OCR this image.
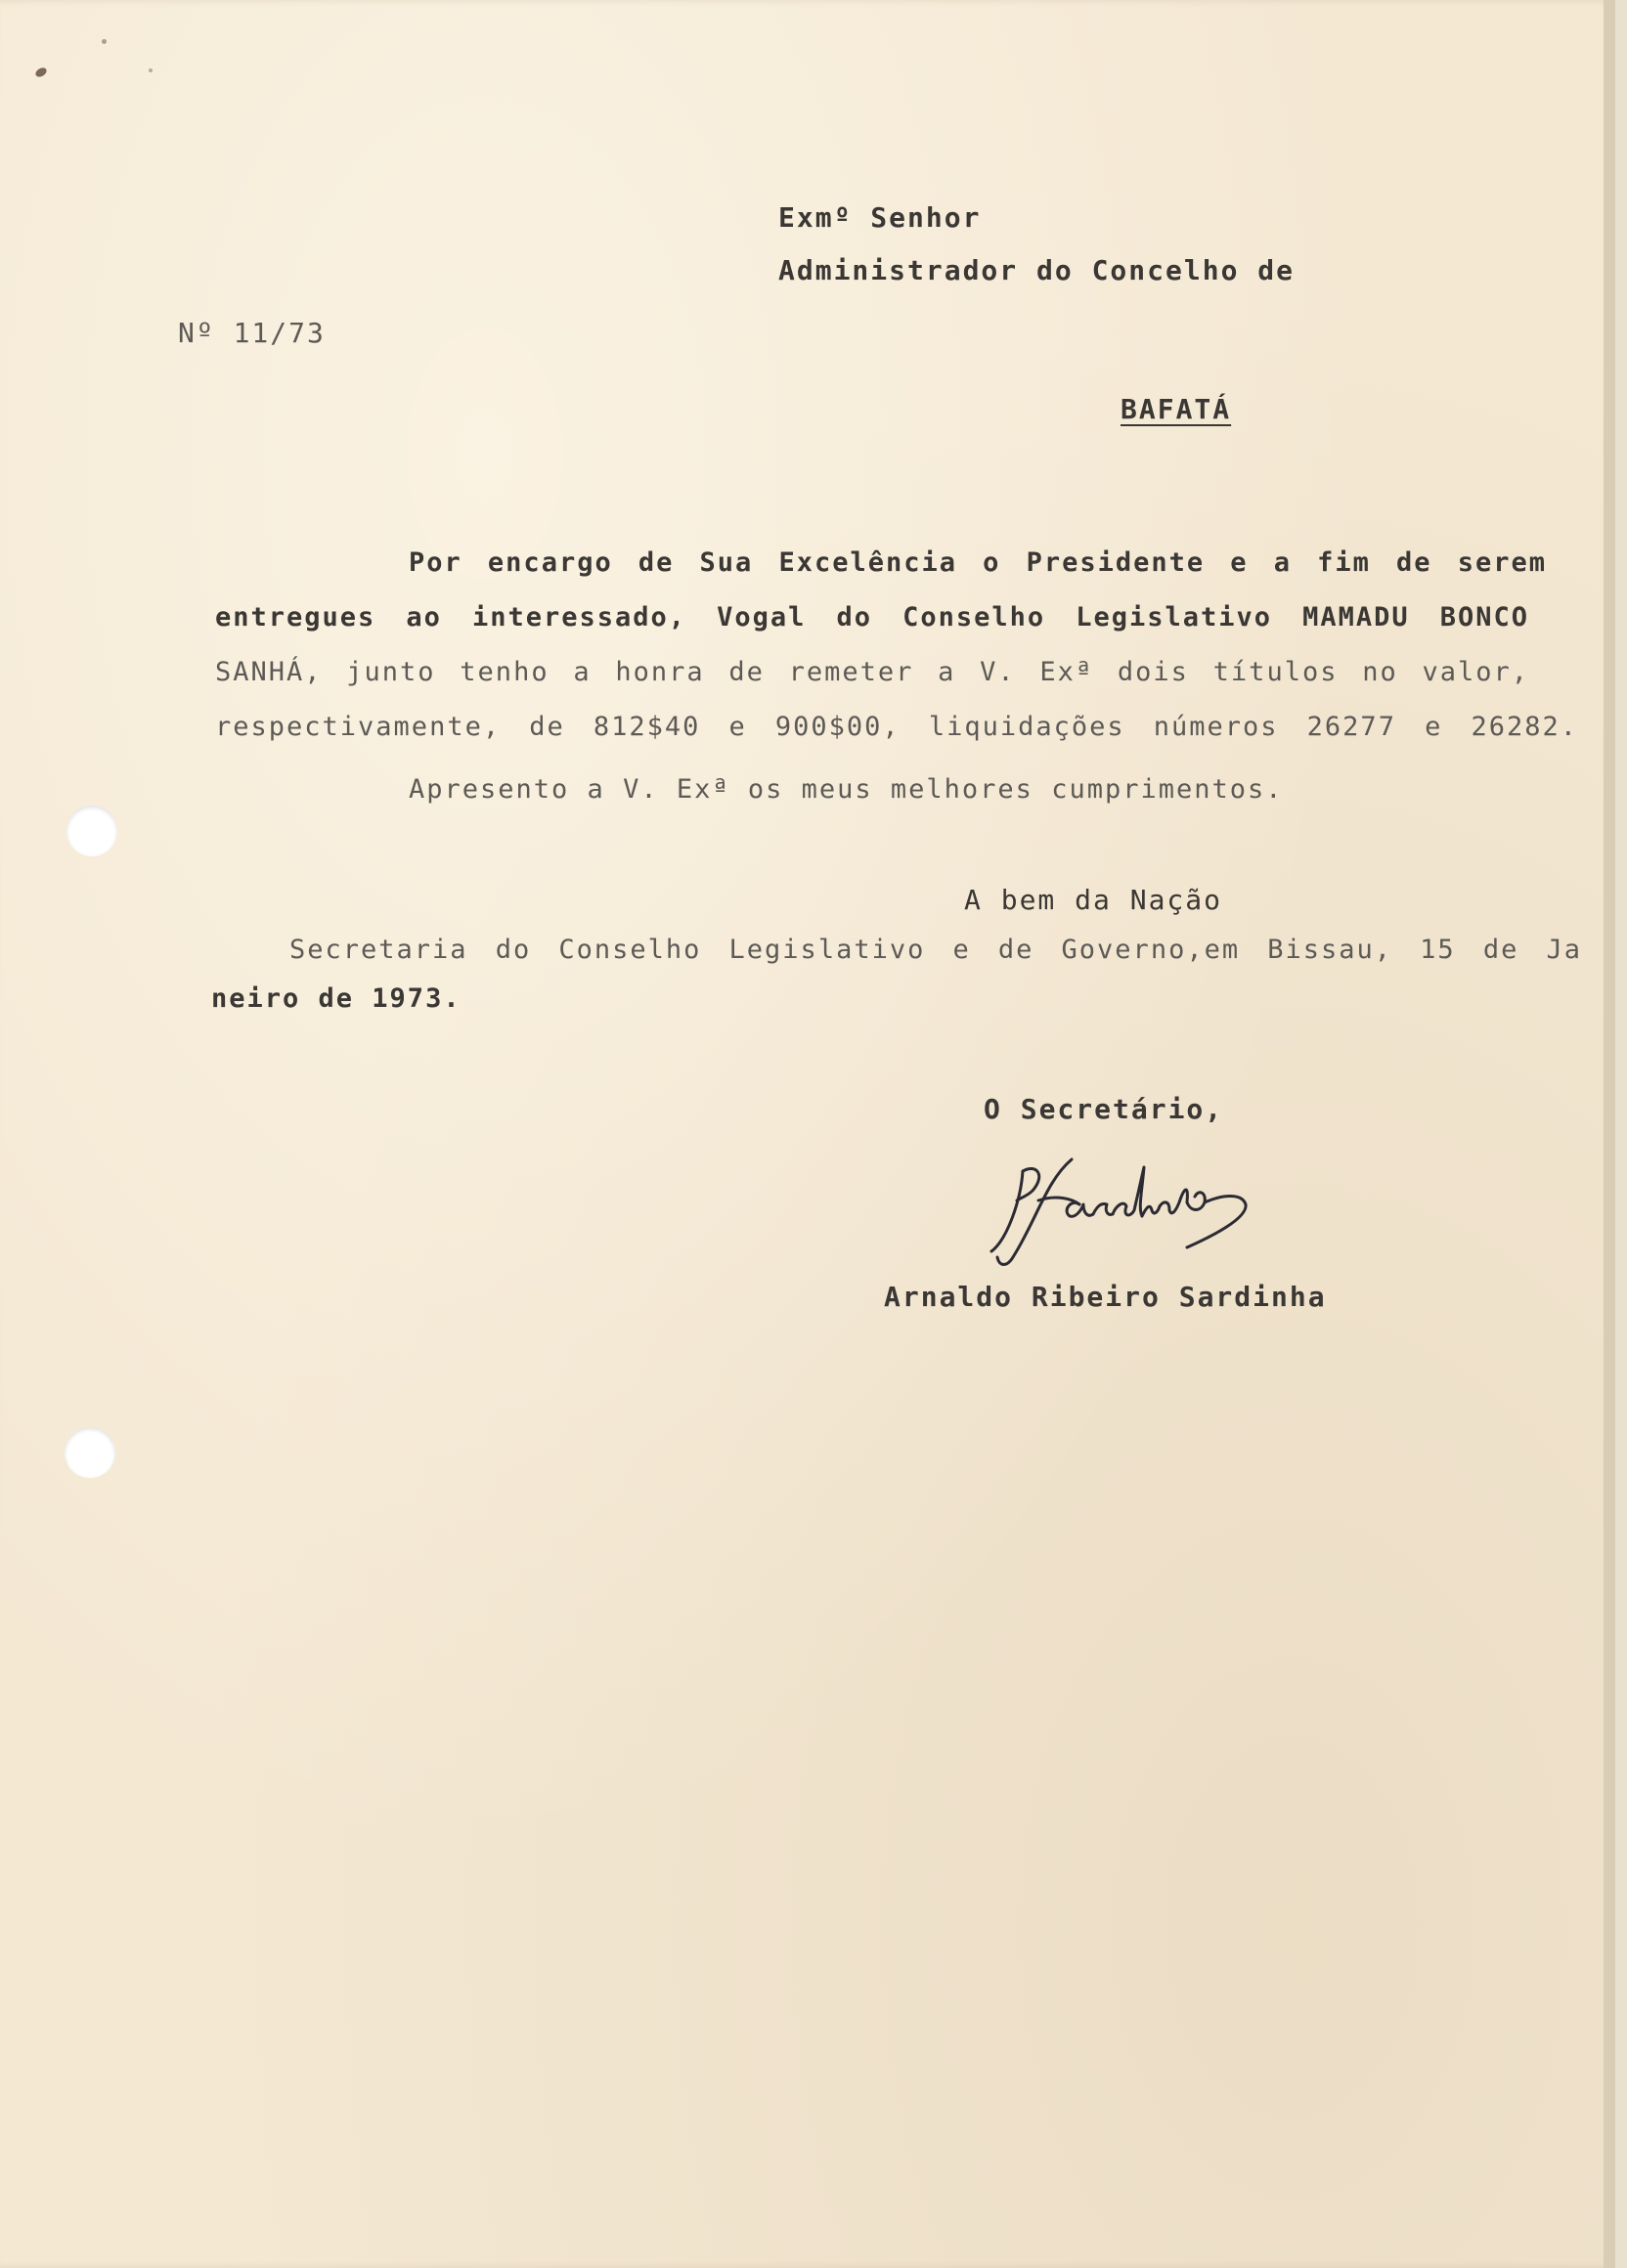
Exmº Senhor
Administrador do Concelho de
Nº 11/73
BAFATÁ
Por encargo de Sua Excelência o Presidente e a fim de serem
entregues ao interessado, Vogal do Conselho Legislativo MAMADU BONCO
SANHÁ, junto tenho a honra de remeter a V. Exª dois títulos no valor,
respectivamente, de 812$40 e 900$00, liquidações números 26277 e 26282.
Apresento a V. Exª os meus melhores cumprimentos.
A bem da Nação
Secretaria do Conselho Legislativo e de Governo,em Bissau, 15 de Ja
neiro de 1973.
O Secretário,
Arnaldo Ribeiro Sardinha
